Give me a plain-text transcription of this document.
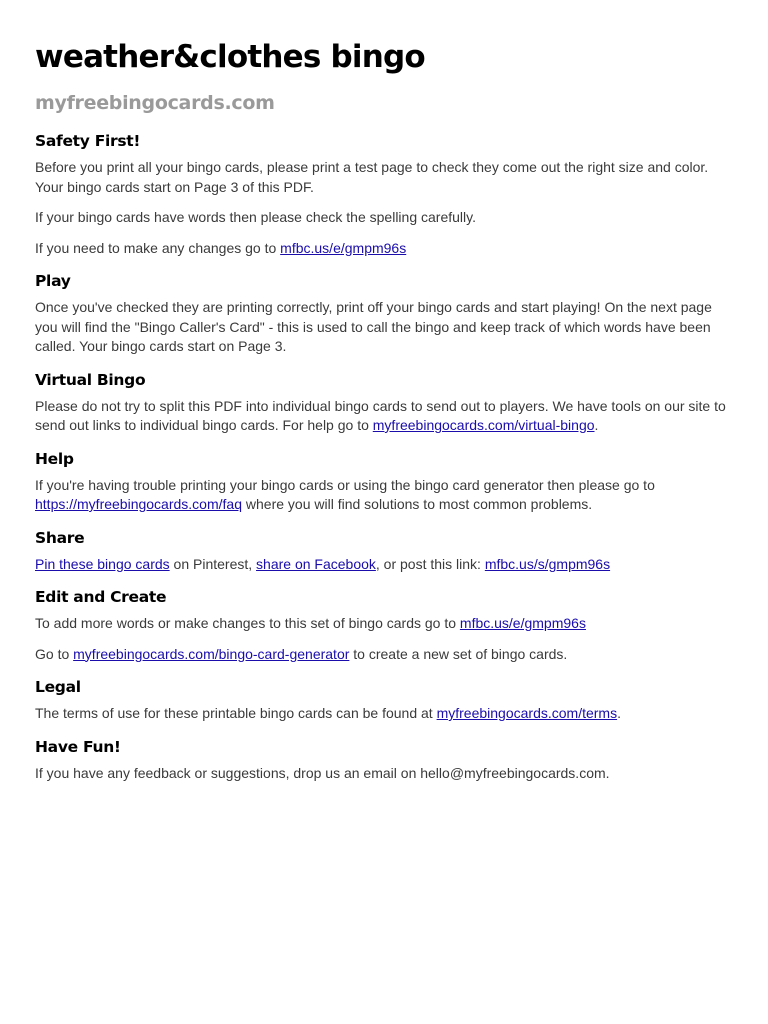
weather&clothes bingo
myfreebingocards.com
Safety First!

Before you print all your bingo cards, please print a test page to check they come out the right size and color. Your bingo cards start on Page 3 of this PDF.

If your bingo cards have words then please check the spelling carefully.

If you need to make any changes go to mfbc.us/e/gmpm96s

Play

Once you've checked they are printing correctly, print off your bingo cards and start playing! On the next page you will find the "Bingo Caller's Card" - this is used to call the bingo and keep track of which words have been called. Your bingo cards start on Page 3.

Virtual Bingo

Please do not try to split this PDF into individual bingo cards to send out to players. We have tools on our site to send out links to individual bingo cards. For help go to myfreebingocards.com/virtual-bingo.

Help

If you're having trouble printing your bingo cards or using the bingo card generator then please go to https://myfreebingocards.com/faq where you will find solutions to most common problems.

Share

Pin these bingo cards on Pinterest, share on Facebook, or post this link: mfbc.us/s/gmpm96s

Edit and Create

To add more words or make changes to this set of bingo cards go to mfbc.us/e/gmpm96s

Go to myfreebingocards.com/bingo-card-generator to create a new set of bingo cards.

Legal

The terms of use for these printable bingo cards can be found at myfreebingocards.com/terms.

Have Fun!

If you have any feedback or suggestions, drop us an email on hello@myfreebingocards.com.
